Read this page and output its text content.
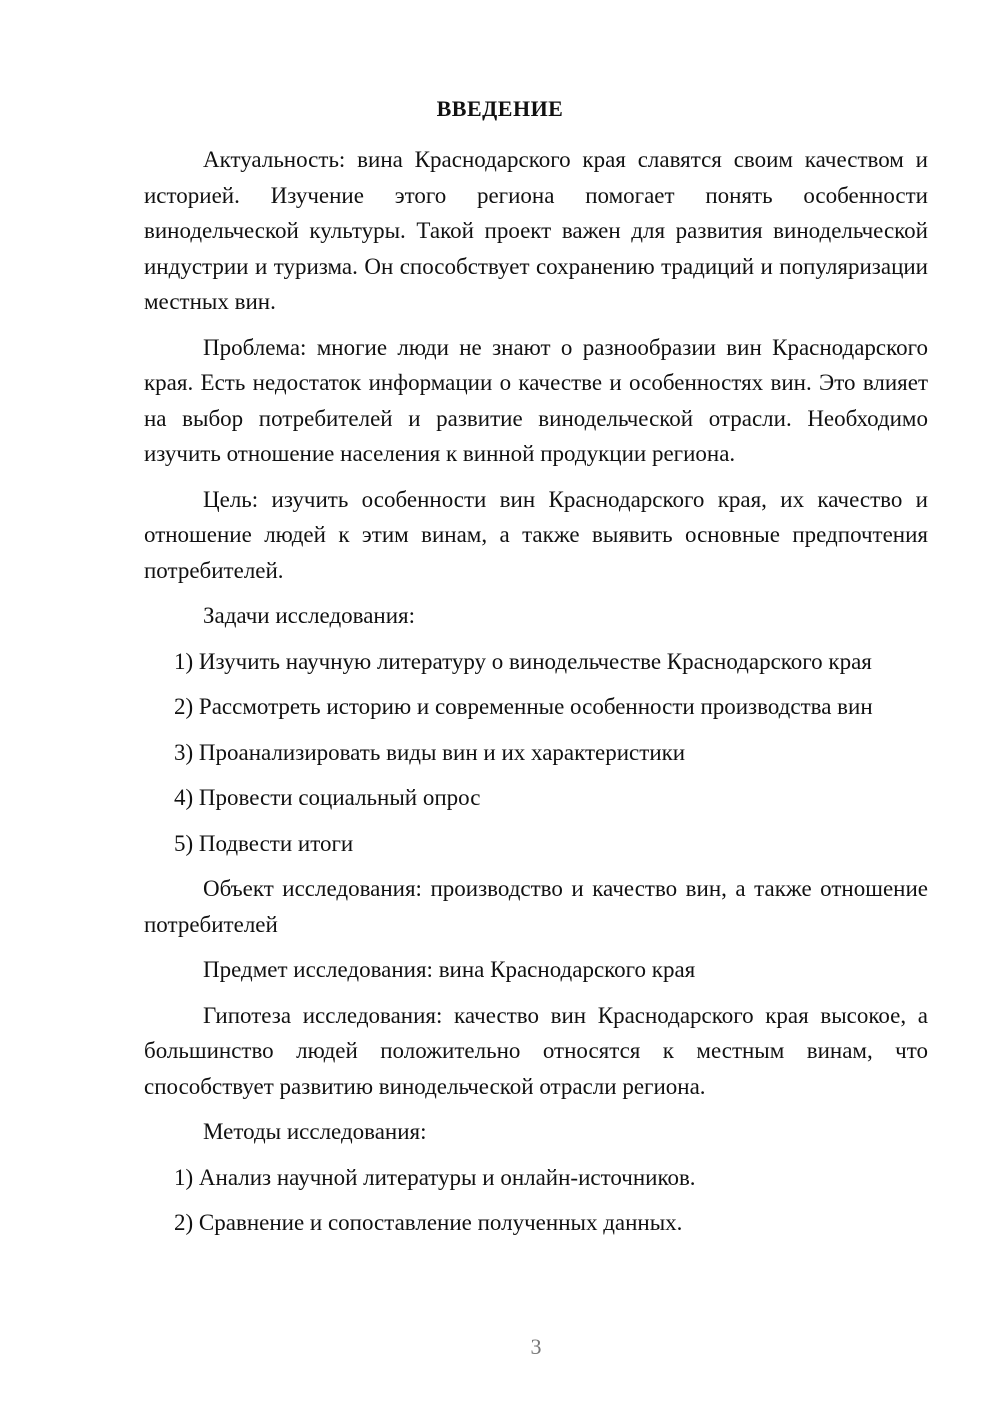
ВВЕДЕНИЕ

Актуальность: вина Краснодарского края славятся своим качеством и историей. Изучение этого региона помогает понять особенности винодельческой культуры. Такой проект важен для развития винодельческой индустрии и туризма. Он способствует сохранению традиций и популяризации местных вин.

Проблема: многие люди не знают о разнообразии вин Краснодарского края. Есть недостаток информации о качестве и особенностях вин. Это влияет на выбор потребителей и развитие винодельческой отрасли. Необходимо изучить отношение населения к винной продукции региона.

Цель: изучить особенности вин Краснодарского края, их качество и отношение людей к этим винам, а также выявить основные предпочтения потребителей.

Задачи исследования:

1) Изучить научную литературу о винодельчестве Краснодарского края

2) Рассмотреть историю и современные особенности производства вин

3) Проанализировать виды вин и их характеристики

4) Провести социальный опрос

5) Подвести итоги

Объект исследования: производство и качество вин, а также отношение потребителей

Предмет исследования: вина Краснодарского края

Гипотеза исследования: качество вин Краснодарского края высокое, а большинство людей положительно относятся к местным винам, что способствует развитию винодельческой отрасли региона.

Методы исследования:

1) Анализ научной литературы и онлайн-источников.

2) Сравнение и сопоставление полученных данных.

3
